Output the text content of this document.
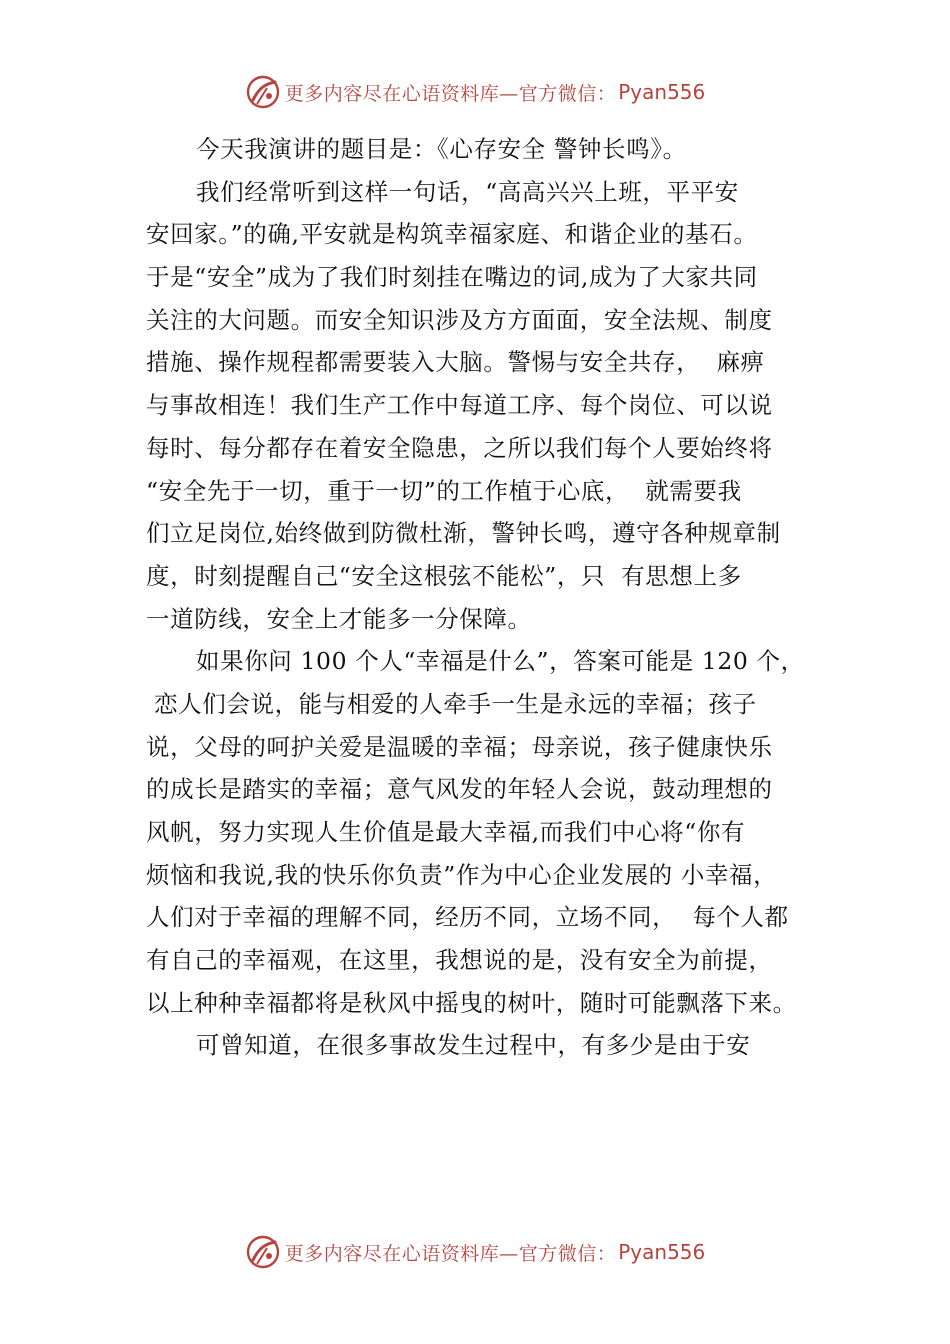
更多内容尽在心语资料库—官方微信： Pyan556
今天我演讲的题目是：《心存安全 警钟长鸣》。
我们经常听到这样一句话，“高高兴兴上班，平平安
安回家。”的确,平安就是构筑幸福家庭、和谐企业的基石。
于是“安全”成为了我们时刻挂在嘴边的词,成为了大家共同
关注的大问题。而安全知识涉及方方面面，安全法规、制度
措施、操作规程都需要装入大脑。警惕与安全共存，  麻痹
与事故相连！我们生产工作中每道工序、每个岗位、可以说
每时、每分都存在着安全隐患，之所以我们每个人要始终将
“安全先于一切，重于一切”的工作植于心底，  就需要我
们立足岗位,始终做到防微杜渐，警钟长鸣，遵守各种规章制
度，时刻提醒自己“安全这根弦不能松”，只  有思想上多
一道防线，安全上才能多一分保障。
如果你问 100 个人“幸福是什么”，答案可能是 120 个，
恋人们会说，能与相爱的人牵手一生是永远的幸福；孩子
说，父母的呵护关爱是温暖的幸福；母亲说，孩子健康快乐
的成长是踏实的幸福；意气风发的年轻人会说，鼓动理想的
风帆，努力实现人生价值是最大幸福,而我们中心将“你有
烦恼和我说,我的快乐你负责”作为中心企业发展的 小幸福，
人们对于幸福的理解不同，经历不同，立场不同，  每个人都
有自己的幸福观，在这里，我想说的是，没有安全为前提，
以上种种幸福都将是秋风中摇曳的树叶，随时可能飘落下来。
可曾知道，在很多事故发生过程中，有多少是由于安
更多内容尽在心语资料库—官方微信： Pyan556
